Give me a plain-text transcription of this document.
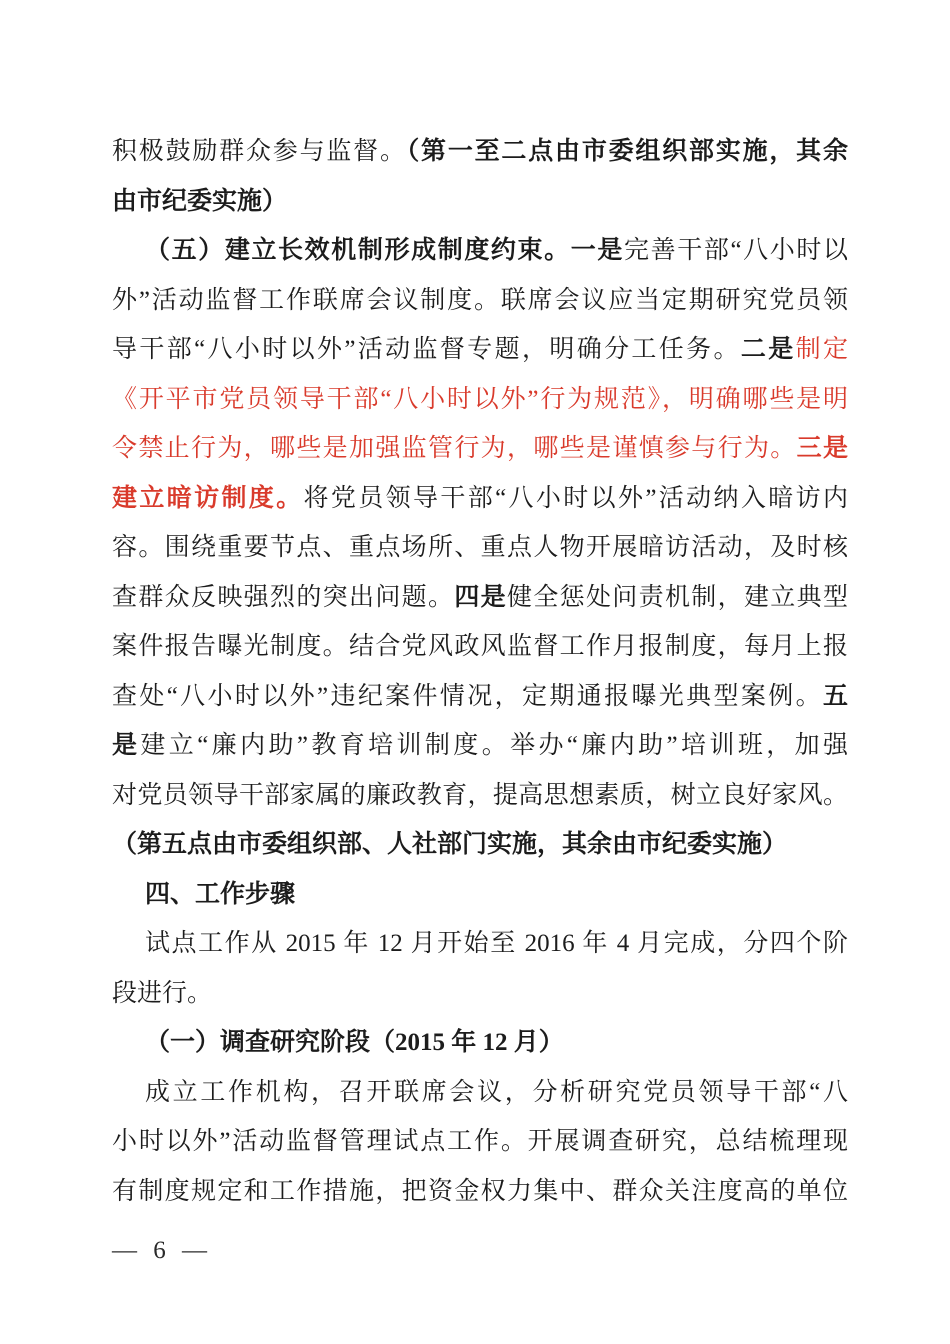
积极鼓励群众参与监督。（第一至二点由市委组织部实施，其余
由市纪委实施）
（五）建立长效机制形成制度约束。一是完善干部“八小时以
外”活动监督工作联席会议制度。联席会议应当定期研究党员领
导干部“八小时以外”活动监督专题，明确分工任务。二是制定
《开平市党员领导干部“八小时以外”行为规范》，明确哪些是明
令禁止行为，哪些是加强监管行为，哪些是谨慎参与行为。三是
建立暗访制度。将党员领导干部“八小时以外”活动纳入暗访内
容。围绕重要节点、重点场所、重点人物开展暗访活动，及时核
查群众反映强烈的突出问题。四是健全惩处问责机制，建立典型
案件报告曝光制度。结合党风政风监督工作月报制度，每月上报
查处“八小时以外”违纪案件情况，定期通报曝光典型案例。五
是建立“廉内助”教育培训制度。举办“廉内助”培训班，加强
对党员领导干部家属的廉政教育，提高思想素质，树立良好家风。
（第五点由市委组织部、人社部门实施，其余由市纪委实施）
四、工作步骤
试点工作从 2015 年 12 月开始至 2016 年 4 月完成，分四个阶
段进行。
（一）调查研究阶段（2015 年 12 月）
成立工作机构，召开联席会议，分析研究党员领导干部“八
小时以外”活动监督管理试点工作。开展调查研究，总结梳理现
有制度规定和工作措施，把资金权力集中、群众关注度高的单位
— 6 —
